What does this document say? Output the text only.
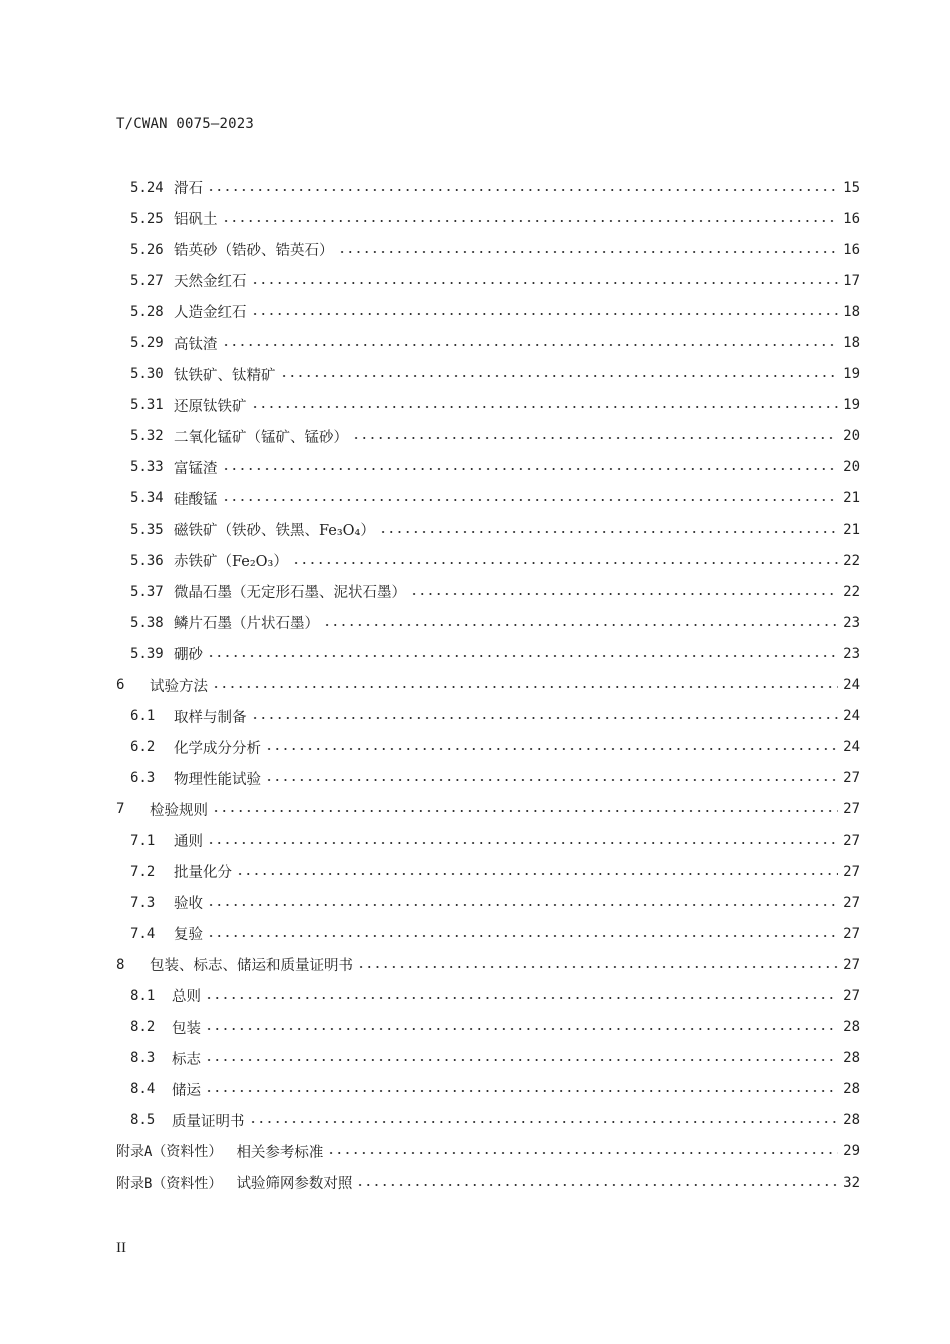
T/CWAN 0075—2023
5.24 滑石	15
5.25 铝矾土	16
5.26 锆英砂（锆砂、锆英石）	16
5.27 天然金红石	17
5.28 人造金红石	18
5.29 高钛渣	18
5.30 钛铁矿、钛精矿	19
5.31 还原钛铁矿	19
5.32 二氧化锰矿（锰矿、锰砂）	20
5.33 富锰渣	20
5.34 硅酸锰	21
5.35 磁铁矿（铁砂、铁黑、Fe₃O₄）	21
5.36 赤铁矿（Fe₂O₃）	22
5.37 微晶石墨（无定形石墨、泥状石墨）	22
5.38 鳞片石墨（片状石墨）	23
5.39 硼砂	23
6	试验方法	24
6.1	取样与制备	24
6.2	化学成分分析	24
6.3	物理性能试验	27
7	检验规则	27
7.1	通则	27
7.2	批量化分	27
7.3	验收	27
7.4	复验	27
8	包装、标志、储运和质量证明书	27
8.1	总则	27
8.2	包装	28
8.3	标志	28
8.4	储运	28
8.5	质量证明书	28
附录A（资料性） 相关参考标准	29
附录B（资料性） 试验筛网参数对照	32
II
